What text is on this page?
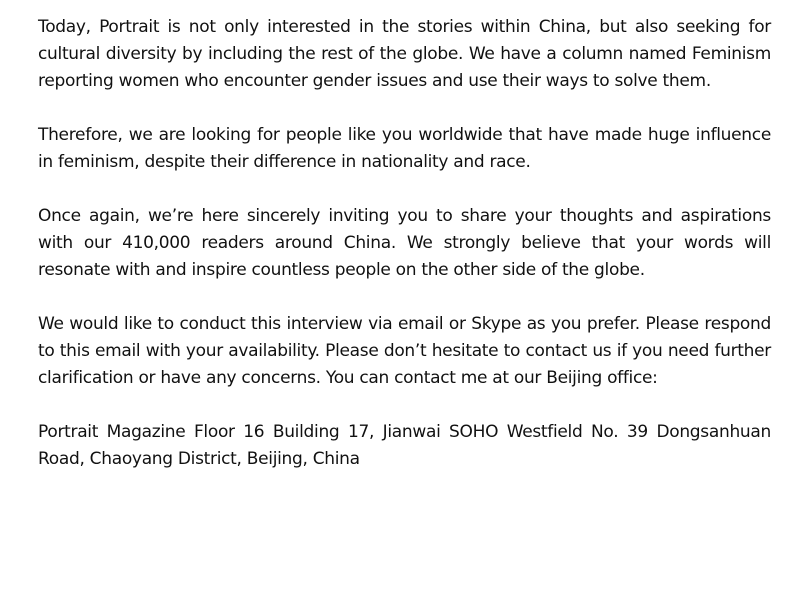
Today, Portrait is not only interested in the stories within China, but also seeking for cultural diversity by including the rest of the globe. We have a column named Feminism reporting women who encounter gender issues and use their ways to solve them.

Therefore, we are looking for people like you worldwide that have made huge influence in feminism, despite their difference in nationality and race.

Once again, we’re here sincerely inviting you to share your thoughts and aspirations with our 410,000 readers around China. We strongly believe that your words will resonate with and inspire countless people on the other side of the globe.

We would like to conduct this interview via email or Skype as you prefer. Please respond to this email with your availability. Please don’t hesitate to contact us if you need further clarification or have any concerns. You can contact me at our Beijing office:

Portrait Magazine Floor 16 Building 17, Jianwai SOHO Westfield No. 39 Dongsanhuan Road, Chaoyang District, Beijing, China
